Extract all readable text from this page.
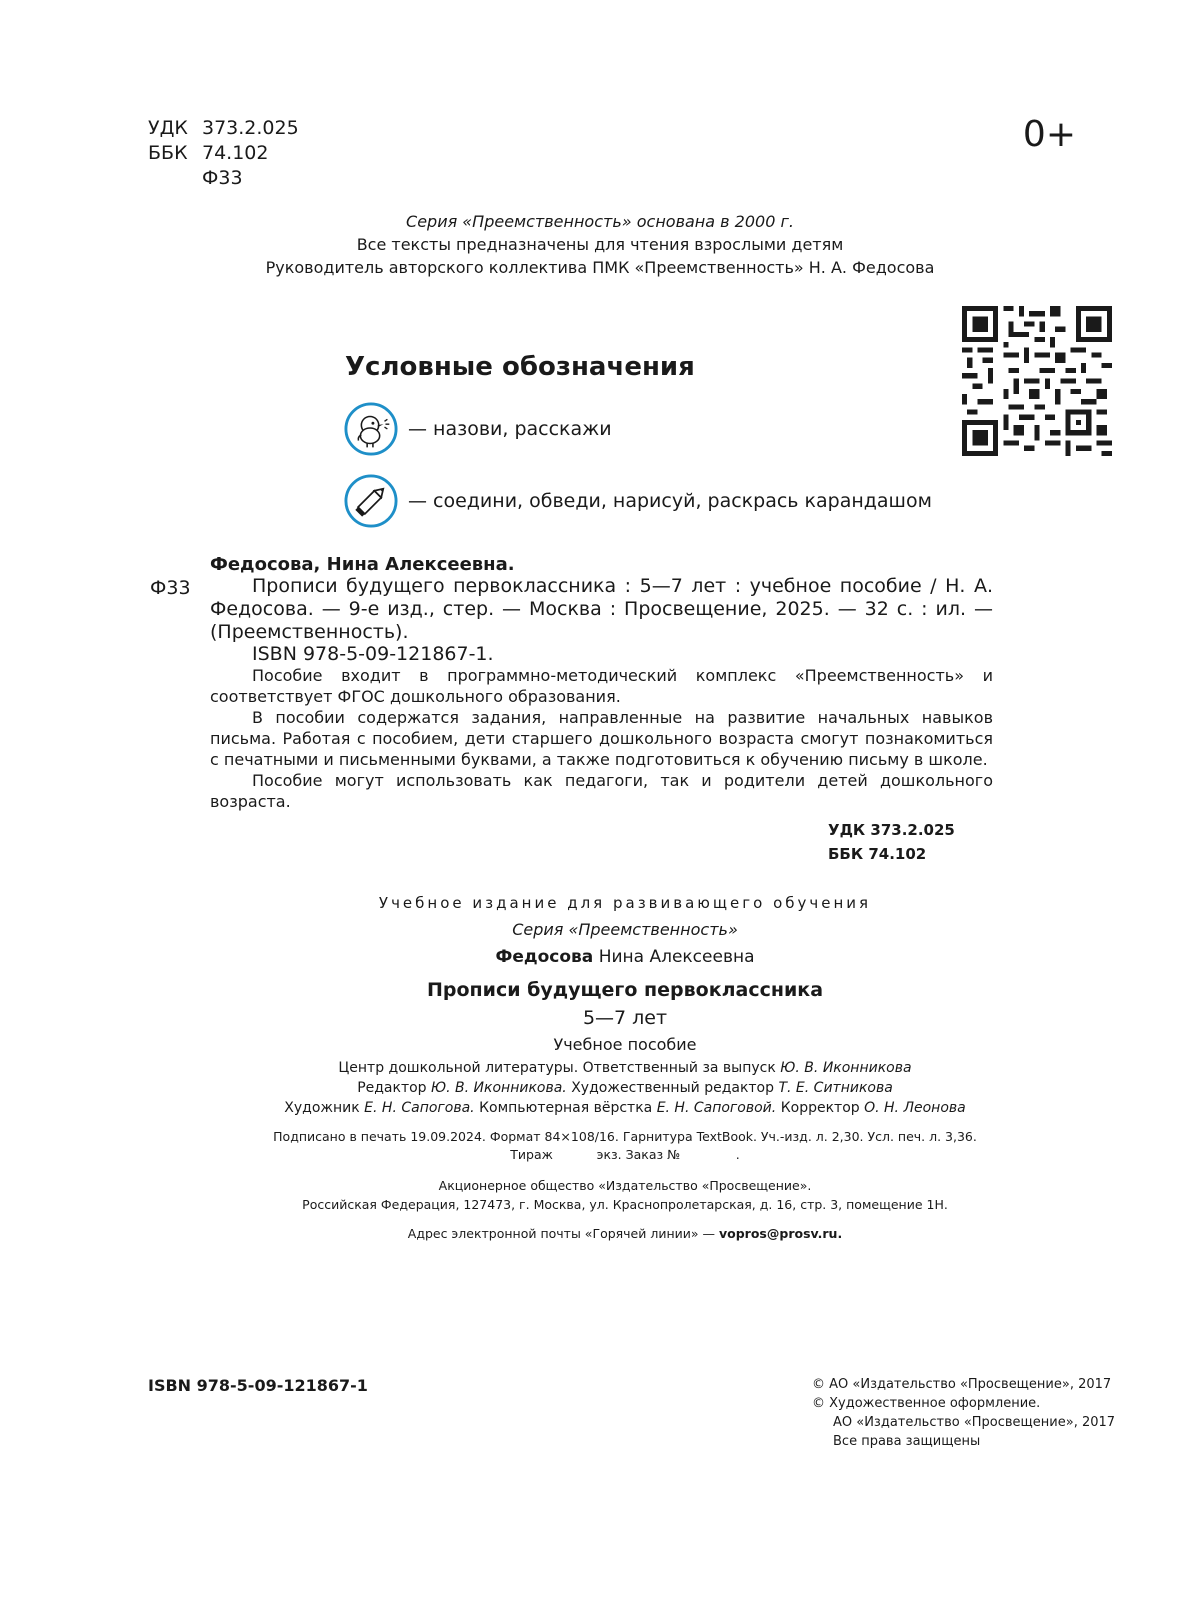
УДК 373.2.025
ББК 74.102
Ф33
0+
Серия «Преемственность» основана в 2000 г.
Все тексты предназначены для чтения взрослыми детям
Руководитель авторского коллектива ПМК «Преемственность» Н. А. Федосова
Условные обозначения
— назови, расскажи
— соедини, обведи, нарисуй, раскрась карандашом
Федосова, Нина Алексеевна.
Ф33	Прописи будущего первоклассника : 5—7 лет : учебное пособие / Н. А. Федосова. — 9-е изд., стер. — Москва : Просвещение, 2025. — 32 с. : ил. — (Преемственность).
ISBN 978-5-09-121867-1.
Пособие входит в программно-методический комплекс «Преемственность» и соответствует ФГОС дошкольного образования.
В пособии содержатся задания, направленные на развитие начальных навыков письма. Работая с пособием, дети старшего дошкольного возраста смогут познакомиться с печатными и письменными буквами, а также подготовиться к обучению письму в школе.
Пособие могут использовать как педагоги, так и родители детей дошкольного возраста.
УДК 373.2.025
ББК 74.102
Учебное издание для развивающего обучения
Серия «Преемственность»
Федосова Нина Алексеевна
Прописи будущего первоклассника
5—7 лет
Учебное пособие
Центр дошкольной литературы. Ответственный за выпуск Ю. В. Иконникова
Редактор Ю. В. Иконникова. Художественный редактор Т. Е. Ситникова
Художник Е. Н. Сапогова. Компьютерная вёрстка Е. Н. Сапоговой. Корректор О. Н. Леонова
Подписано в печать 19.09.2024. Формат 84×108/16. Гарнитура TextBook. Уч.-изд. л. 2,30. Усл. печ. л. 3,36.
Тираж           экз. Заказ №              .
Акционерное общество «Издательство «Просвещение».
Российская Федерация, 127473, г. Москва, ул. Краснопролетарская, д. 16, стр. 3, помещение 1Н.
Адрес электронной почты «Горячей линии» — vopros@prosv.ru.
ISBN 978-5-09-121867-1	© АО «Издательство «Просвещение», 2017
© Художественное оформление.
АО «Издательство «Просвещение», 2017
Все права защищены
